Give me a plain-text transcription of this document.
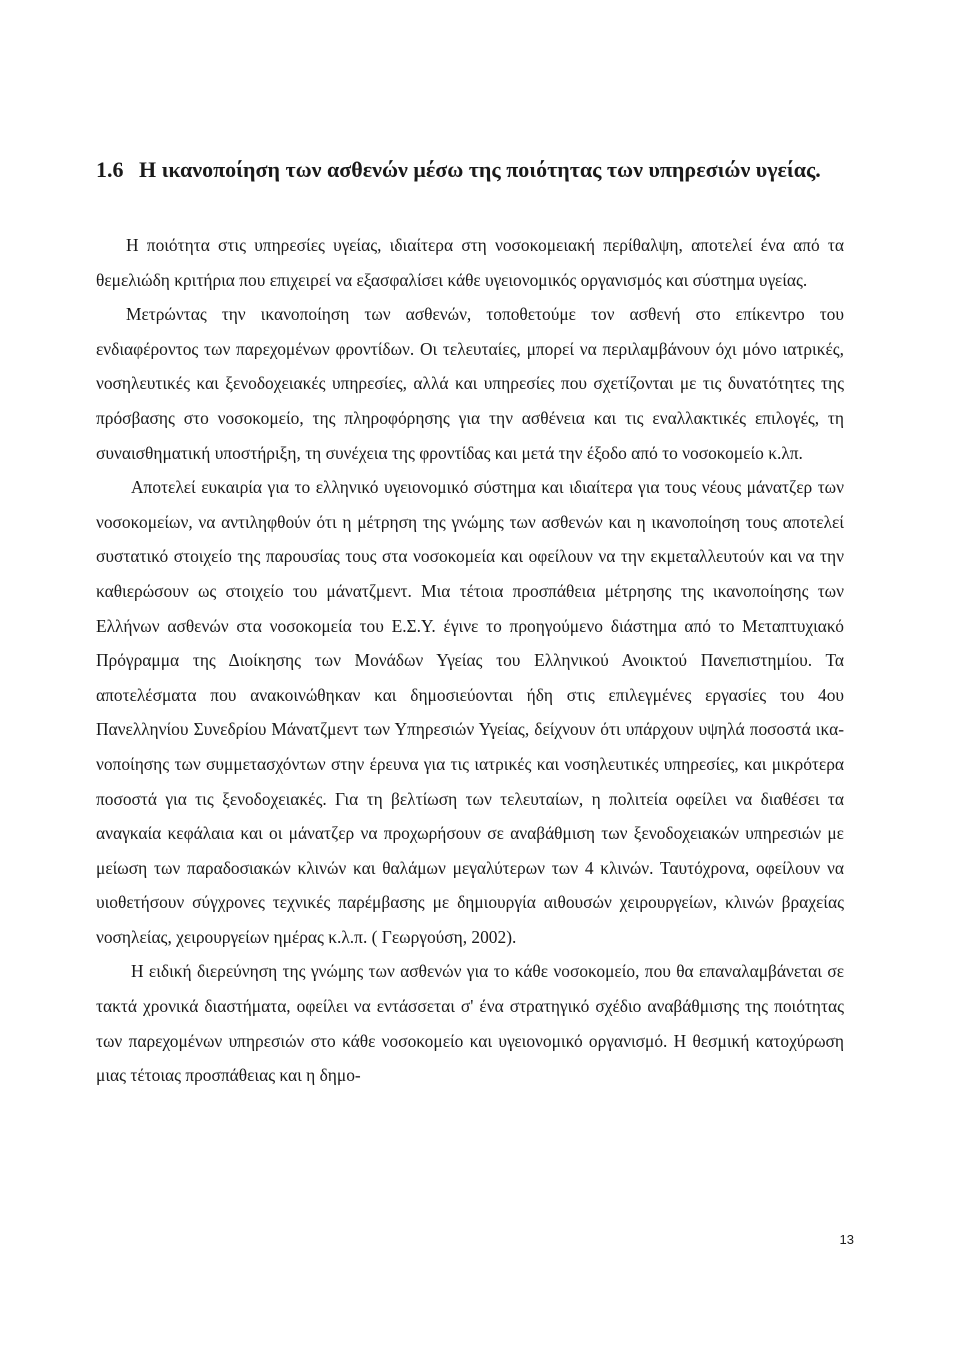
1.6 Η ικανοποίηση των ασθενών μέσω της ποιότητας των υπηρεσιών υγείας.

Η ποιότητα στις υπηρεσίες υγείας, ιδιαίτερα στη νοσοκομειακή περίθαλψη, αποτελεί ένα από τα θεμελιώδη κριτήρια που επιχειρεί να εξασφαλίσει κάθε υγειονομικός οργανισμός και σύστημα υγείας.

Μετρώντας την ικανοποίηση των ασθενών, τοποθετούμε τον ασθενή στο επίκεντρο του ενδιαφέροντος των παρεχομένων φροντίδων. Οι τελευταίες, μπορεί να περιλαμβάνουν όχι μόνο ιατρικές, νοσηλευτικές και ξενοδοχειακές υπηρεσίες, αλλά και υπηρεσίες που σχετίζονται με τις δυνατότητες της πρόσβασης στο νοσοκομείο, της πληροφόρησης για την ασθένεια και τις εναλλακτικές επιλογές, τη συναισθηματική υποστήριξη, τη συνέχεια της φροντίδας και μετά την έξοδο από το νοσοκομείο κ.λπ.

Αποτελεί ευκαιρία για το ελληνικό υγειονομικό σύστημα και ιδιαίτερα για τους νέους μάνατζερ των νοσοκομείων, να αντιληφθούν ότι η μέτρηση της γνώμης των ασθενών και η ικανοποίηση τους αποτελεί συστατικό στοιχείο της παρουσίας τους στα νοσοκομεία και οφείλουν να την εκμεταλλευτούν και να την καθιερώσουν ως στοιχείο του μάνατζμεντ. Μια τέτοια προσπάθεια μέτρησης της ικανοποίησης των Ελλήνων ασθενών στα νοσοκομεία του Ε.Σ.Υ. έγινε το προηγούμενο διάστημα από το Μεταπτυχιακό Πρόγραμμα της Διοίκησης των Μονάδων Υγείας του Ελληνικού Ανοικτού Πανεπιστημίου. Τα αποτελέσματα που ανακοινώθηκαν και δημοσιεύονται ήδη στις επιλεγμένες εργασίες του 4ου Πανελληνίου Συνεδρίου Μάνατζμεντ των Υπηρεσιών Υγείας, δείχνουν ότι υπάρχουν υψηλά ποσοστά ικανοποίησης των συμμετασχόντων στην έρευνα για τις ιατρικές και νοσηλευτικές υπηρεσίες, και μικρότερα ποσοστά για τις ξενοδοχειακές. Για τη βελτίωση των τελευταίων, η πολιτεία οφείλει να διαθέσει τα αναγκαία κεφάλαια και οι μάνατζερ να προχωρήσουν σε αναβάθμιση των ξενοδοχειακών υπηρεσιών με μείωση των παραδοσιακών κλινών και θαλάμων μεγαλύτερων των 4 κλινών. Ταυτόχρονα, οφείλουν να υιοθετήσουν σύγχρονες τεχνικές παρέμβασης με δημιουργία αιθουσών χειρουργείων, κλινών βραχείας νοσηλείας, χειρουργείων ημέρας κ.λ.π. ( Γεωργούση, 2002).

Η ειδική διερεύνηση της γνώμης των ασθενών για το κάθε νοσοκομείο, που θα επαναλαμβάνεται σε τακτά χρονικά διαστήματα, οφείλει να εντάσσεται σ' ένα στρατηγικό σχέδιο αναβάθμισης της ποιότητας των παρεχομένων υπηρεσιών στο κάθε νοσοκομείο και υγειονομικό οργανισμό. Η θεσμική κατοχύρωση μιας τέτοιας προσπάθειας και η δημο-

13
